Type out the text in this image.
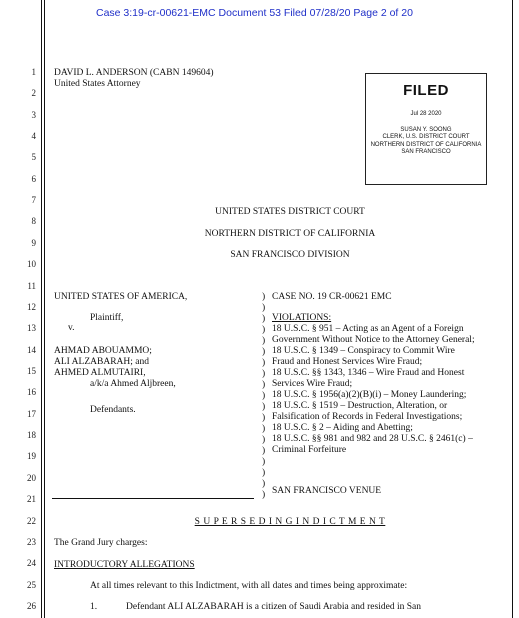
Case 3:19-cr-00621-EMC Document 53 Filed 07/28/20 Page 2 of 20
1
2
3
4
5
6
7
8
9
10
11
12
13
14
15
16
17
18
19
20
21
22
23
24
25
26
DAVID L. ANDERSON (CABN 149604)
United States Attorney	FILED
Jul 28 2020
SUSAN Y. SOONG
CLERK, U.S. DISTRICT COURT
NORTHERN DISTRICT OF CALIFORNIA
SAN FRANCISCO
UNITED STATES DISTRICT COURT
NORTHERN DISTRICT OF CALIFORNIA
SAN FRANCISCO DIVISION
UNITED STATES OF AMERICA,
Plaintiff,
v.
AHMAD ABOUAMMO;
ALI ALZABARAH; and
AHMED ALMUTAIRI,
a/k/a Ahmed Aljbreen,
Defendants.
)
)
)
)
)
)
)
)
)
)
)
)
)
)
)
)
)
)
)
CASE NO. 19 CR-00621 EMC
VIOLATIONS:
18 U.S.C. § 951 – Acting as an Agent of a Foreign
Government Without Notice to the Attorney General;
18 U.S.C. § 1349 – Conspiracy to Commit Wire
Fraud and Honest Services Wire Fraud;
18 U.S.C. §§ 1343, 1346 – Wire Fraud and Honest
Services Wire Fraud;
18 U.S.C. § 1956(a)(2)(B)(i) – Money Laundering;
18 U.S.C. § 1519 – Destruction, Alteration, or
Falsification of Records in Federal Investigations;
18 U.S.C. § 2 – Aiding and Abetting;
18 U.S.C. §§ 981 and 982 and 28 U.S.C. § 2461(c) –
Criminal Forfeiture
SAN FRANCISCO VENUE
S U P E R S E D I N G I N D I C T M E N T
The Grand Jury charges:
INTRODUCTORY ALLEGATIONS
At all times relevant to this Indictment, with all dates and times being approximate:
1.	Defendant ALI ALZABARAH is a citizen of Saudi Arabia and resided in San
